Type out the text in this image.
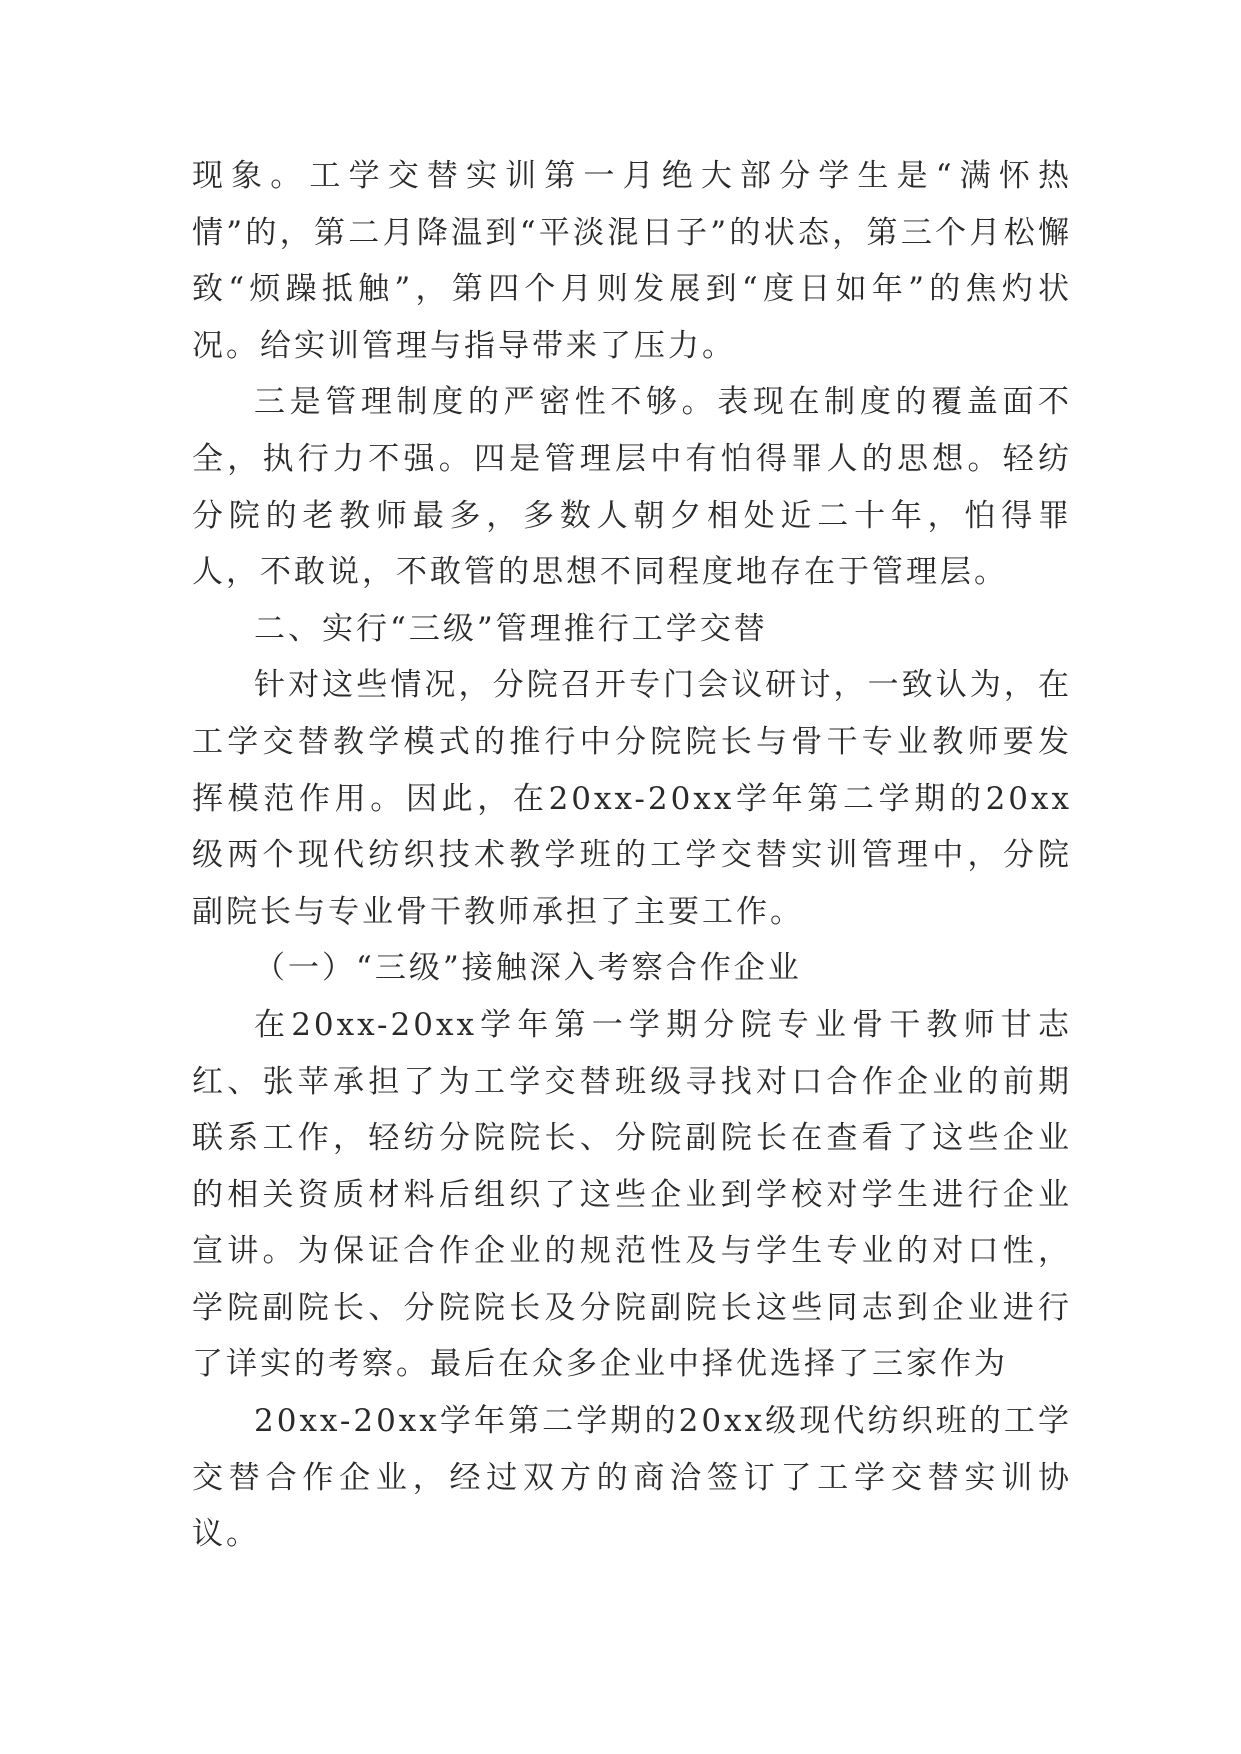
现象。工学交替实训第一月绝大部分学生是“满怀热情”的，第二月降温到“平淡混日子”的状态，第三个月松懈致“烦躁抵触”，第四个月则发展到“度日如年”的焦灼状况。给实训管理与指导带来了压力。

三是管理制度的严密性不够。表现在制度的覆盖面不全，执行力不强。四是管理层中有怕得罪人的思想。轻纺分院的老教师最多，多数人朝夕相处近二十年，怕得罪人，不敢说，不敢管的思想不同程度地存在于管理层。

二、实行“三级”管理推行工学交替

针对这些情况，分院召开专门会议研讨，一致认为，在工学交替教学模式的推行中分院院长与骨干专业教师要发挥模范作用。因此，在20xx-20xx学年第二学期的20xx级两个现代纺织技术教学班的工学交替实训管理中，分院副院长与专业骨干教师承担了主要工作。

（一）“三级”接触深入考察合作企业

在20xx-20xx学年第一学期分院专业骨干教师甘志红、张苹承担了为工学交替班级寻找对口合作企业的前期联系工作，轻纺分院院长、分院副院长在查看了这些企业的相关资质材料后组织了这些企业到学校对学生进行企业宣讲。为保证合作企业的规范性及与学生专业的对口性，学院副院长、分院院长及分院副院长这些同志到企业进行了详实的考察。最后在众多企业中择优选择了三家作为

20xx-20xx学年第二学期的20xx级现代纺织班的工学交替合作企业，经过双方的商洽签订了工学交替实训协议。
